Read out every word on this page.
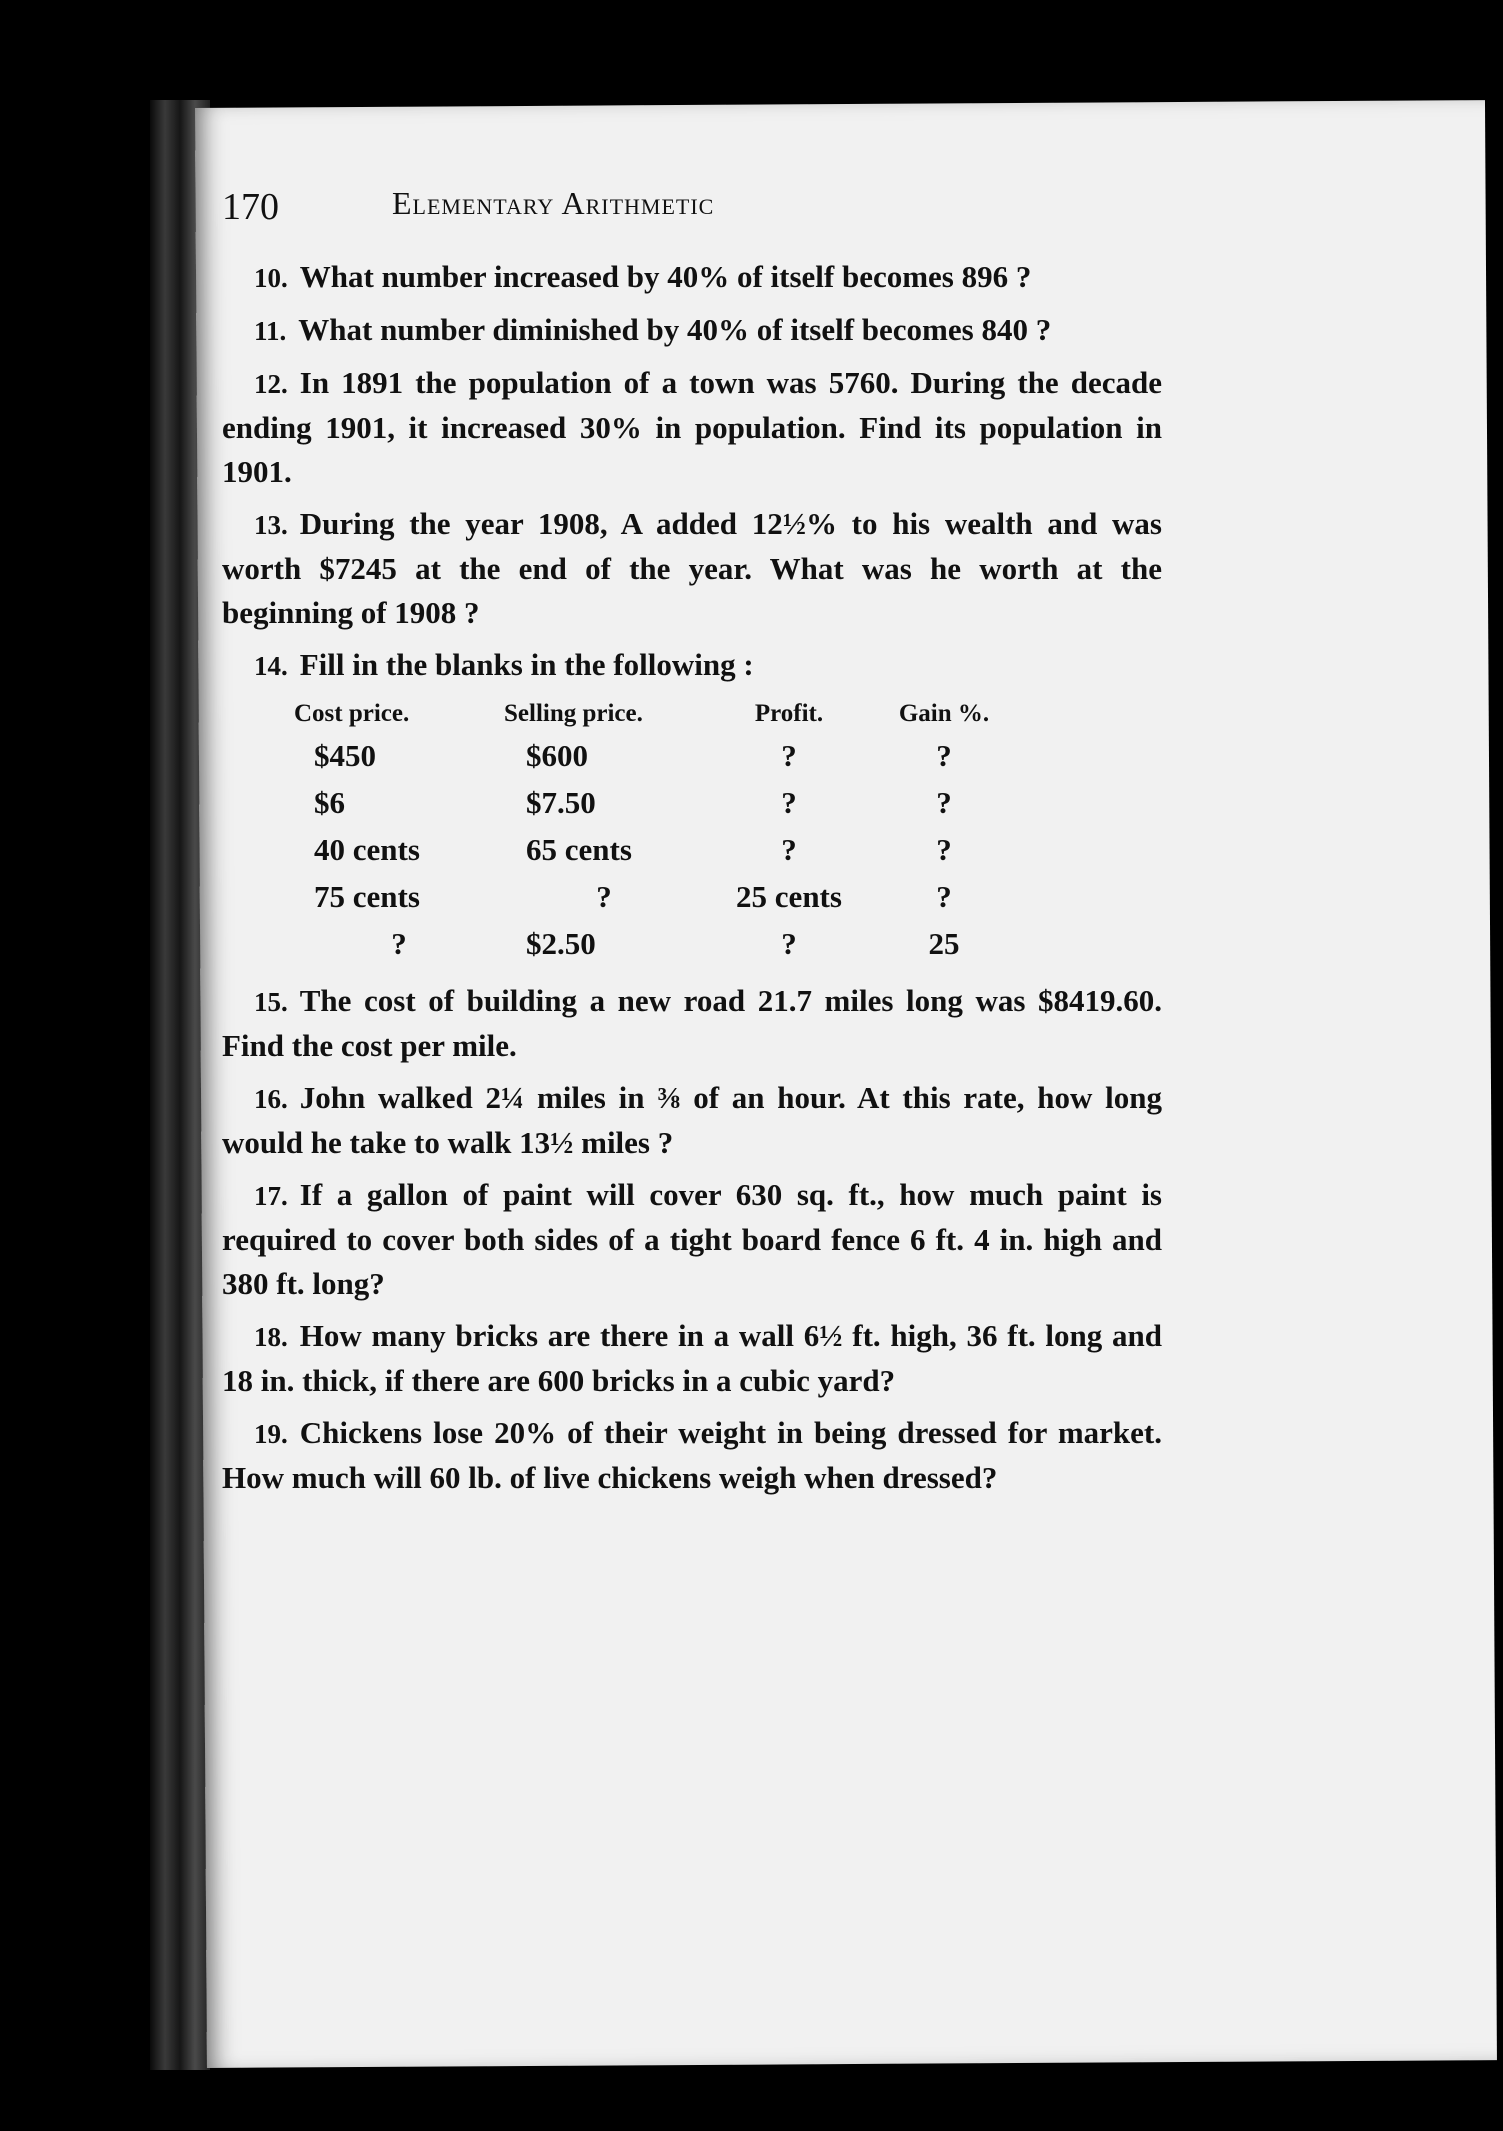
170	Elementary Arithmetic

10. What number increased by 40% of itself becomes 896 ?

11. What number diminished by 40% of itself becomes 840 ?

12. In 1891 the population of a town was 5760. During the decade ending 1901, it increased 30% in population. Find its population in 1901.

13. During the year 1908, A added 12½% to his wealth and was worth $7245 at the end of the year. What was he worth at the beginning of 1908 ?

14. Fill in the blanks in the following :

Cost price.	Selling price.	Profit.	Gain %.
$450	$600	?	?
$6	$7.50	?	?
40 cents	65 cents	?	?
75 cents	?	25 cents	?
?	$2.50	?	25

15. The cost of building a new road 21.7 miles long was $8419.60. Find the cost per mile.

16. John walked 2¼ miles in ⅜ of an hour. At this rate, how long would he take to walk 13½ miles ?

17. If a gallon of paint will cover 630 sq. ft., how much paint is required to cover both sides of a tight board fence 6 ft. 4 in. high and 380 ft. long?

18. How many bricks are there in a wall 6½ ft. high, 36 ft. long and 18 in. thick, if there are 600 bricks in a cubic yard?

19. Chickens lose 20% of their weight in being dressed for market. How much will 60 lb. of live chickens weigh when dressed?
